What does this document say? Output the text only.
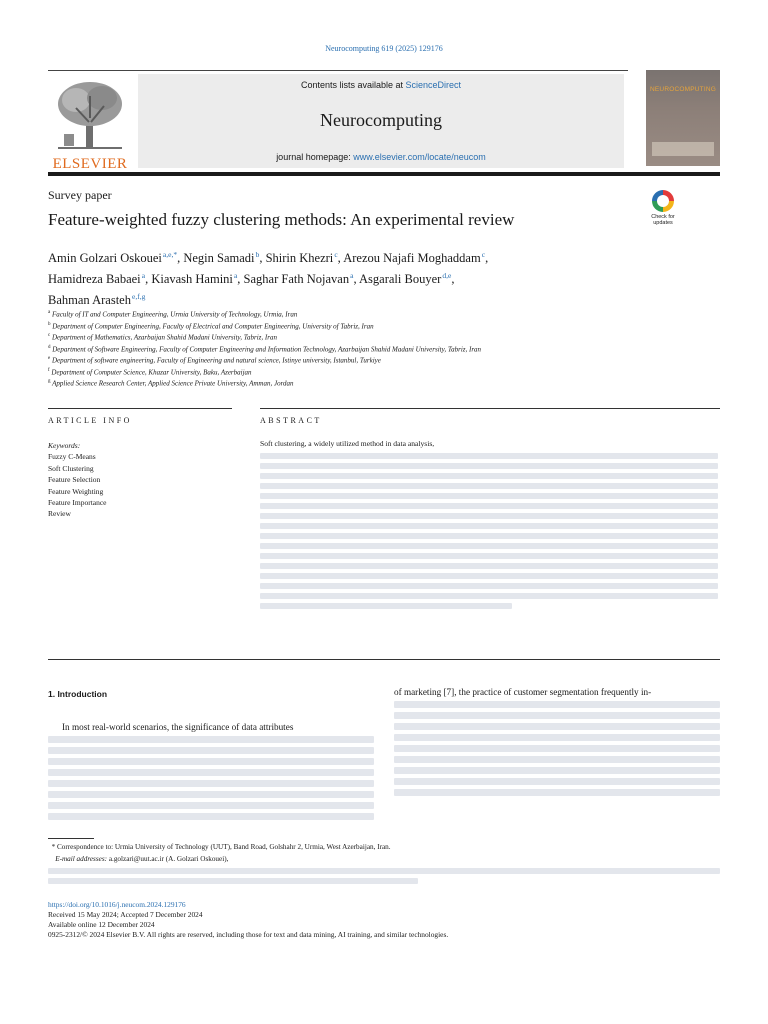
Neurocomputing 619 (2025) 129176
ELSEVIER
Contents lists available at ScienceDirect
Neurocomputing
journal homepage: www.elsevier.com/locate/neucom
NEUROCOMPUTING
Survey paper
Feature-weighted fuzzy clustering methods: An experimental review	Check for
updates
Amin Golzari Oskouei $^{a,e,*}$, Negin Samadi $^b$, Shirin Khezri $^c$, Arezou Najafi Moghaddam $^c$,
Hamidreza Babaei $^a$, Kiavash Hamini $^a$, Saghar Fath Nojavan $^a$, Asgarali Bouyer $^{d,e}$,
Bahman Arasteh $^{e,f,g}$
$^a$ Faculty of IT and Computer Engineering, Urmia University of Technology, Urmia, Iran
$^b$ Department of Computer Engineering, Faculty of Electrical and Computer Engineering, University of Tabriz, Iran
$^c$ Department of Mathematics, Azarbaijan Shahid Madani University, Tabriz, Iran
$^d$ Department of Software Engineering, Faculty of Computer Engineering and Information Technology, Azarbaijan Shahid Madani University, Tabriz, Iran
$^e$ Department of software engineering, Faculty of Engineering and natural science, Istinye university, Istanbul, Turkiye
$^f$ Department of Computer Science, Khazar University, Baku, Azerbaijan
$^g$ Applied Science Research Center, Applied Science Private University, Amman, Jordan
ARTICLE INFO	ABSTRACT
Keywords:
Fuzzy C-Means
Soft Clustering
Feature Selection
Feature Weighting
Feature Importance
Review
Soft clustering, a widely utilized method in data analysis,
1. Introduction

In most real-world scenarios, the significance of data attributes

of marketing [7], the practice of customer segmentation frequently in-

* Correspondence to: Urmia University of Technology (UUT), Band Road, Golshahr 2, Urmia, West Azerbaijan, Iran.
E-mail addresses: a.golzari@uut.ac.ir (A. Golzari Oskouei),
https://doi.org/10.1016/j.neucom.2024.129176
Received 15 May 2024; Accepted 7 December 2024
Available online 12 December 2024
0925-2312/© 2024 Elsevier B.V. All rights are reserved, including those for text and data mining, AI training, and similar technologies.
